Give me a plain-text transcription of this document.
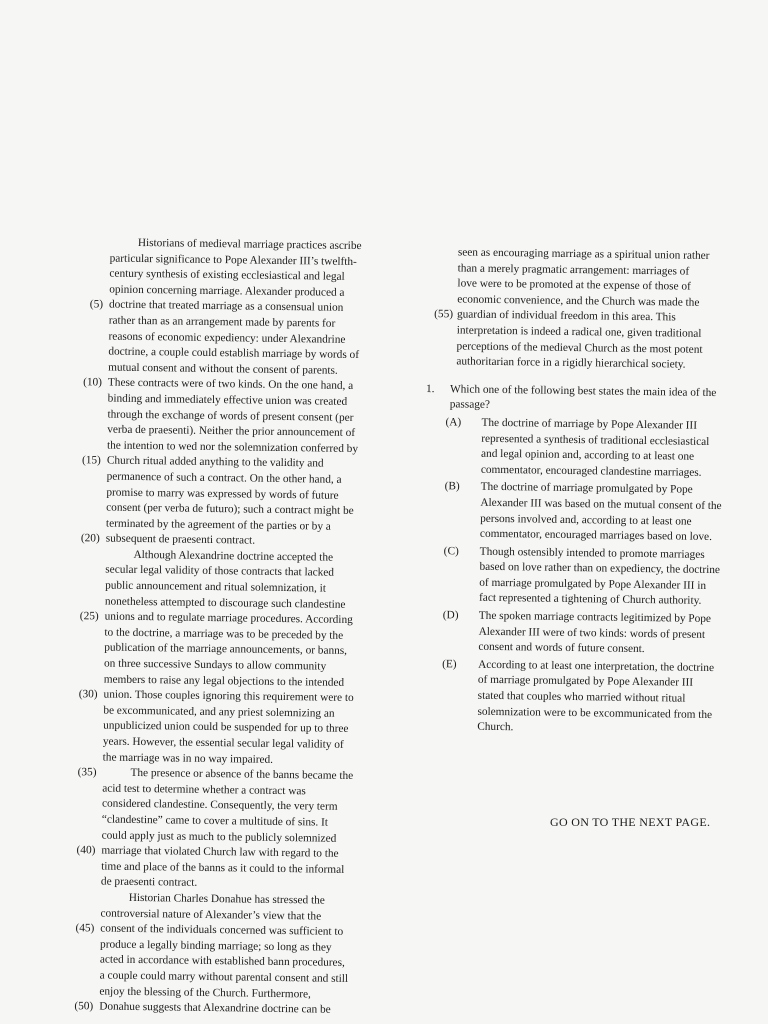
Historians of medieval marriage practices ascribe
particular significance to Pope Alexander III’s twelfth-
century synthesis of existing ecclesiastical and legal
opinion concerning marriage. Alexander produced a
(5) doctrine that treated marriage as a consensual union
rather than as an arrangement made by parents for
reasons of economic expediency: under Alexandrine
doctrine, a couple could establish marriage by words of
mutual consent and without the consent of parents.
(10) These contracts were of two kinds. On the one hand, a
binding and immediately effective union was created
through the exchange of words of present consent (per
verba de praesenti). Neither the prior announcement of
the intention to wed nor the solemnization conferred by
(15) Church ritual added anything to the validity and
permanence of such a contract. On the other hand, a
promise to marry was expressed by words of future
consent (per verba de futuro); such a contract might be
terminated by the agreement of the parties or by a
(20) subsequent de praesenti contract.
Although Alexandrine doctrine accepted the
secular legal validity of those contracts that lacked
public announcement and ritual solemnization, it
nonetheless attempted to discourage such clandestine
(25) unions and to regulate marriage procedures. According
to the doctrine, a marriage was to be preceded by the
publication of the marriage announcements, or banns,
on three successive Sundays to allow community
members to raise any legal objections to the intended
(30) union. Those couples ignoring this requirement were to
be excommunicated, and any priest solemnizing an
unpublicized union could be suspended for up to three
years. However, the essential secular legal validity of
the marriage was in no way impaired.
(35)	The presence or absence of the banns became the
acid test to determine whether a contract was
considered clandestine. Consequently, the very term
“clandestine” came to cover a multitude of sins. It
could apply just as much to the publicly solemnized
(40) marriage that violated Church law with regard to the
time and place of the banns as it could to the informal
de praesenti contract.
Historian Charles Donahue has stressed the
controversial nature of Alexander’s view that the
(45) consent of the individuals concerned was sufficient to
produce a legally binding marriage; so long as they
acted in accordance with established bann procedures,
a couple could marry without parental consent and still
enjoy the blessing of the Church. Furthermore,
(50) Donahue suggests that Alexandrine doctrine can be
seen as encouraging marriage as a spiritual union rather
than a merely pragmatic arrangement: marriages of
love were to be promoted at the expense of those of
economic convenience, and the Church was made the
(55) guardian of individual freedom in this area. This
interpretation is indeed a radical one, given traditional
perceptions of the medieval Church as the most potent
authoritarian force in a rigidly hierarchical society.
1. Which one of the following best states the main idea of the passage?
(A) The doctrine of marriage by Pope Alexander III represented a synthesis of traditional ecclesiastical and legal opinion and, according to at least one commentator, encouraged clandestine marriages.
(B) The doctrine of marriage promulgated by Pope Alexander III was based on the mutual consent of the persons involved and, according to at least one commentator, encouraged marriages based on love.
(C) Though ostensibly intended to promote marriages based on love rather than on expediency, the doctrine of marriage promulgated by Pope Alexander III in fact represented a tightening of Church authority.
(D) The spoken marriage contracts legitimized by Pope Alexander III were of two kinds: words of present consent and words of future consent.
(E) According to at least one interpretation, the doctrine of marriage promulgated by Pope Alexander III stated that couples who married without ritual solemnization were to be excommunicated from the Church.
GO ON TO THE NEXT PAGE.
